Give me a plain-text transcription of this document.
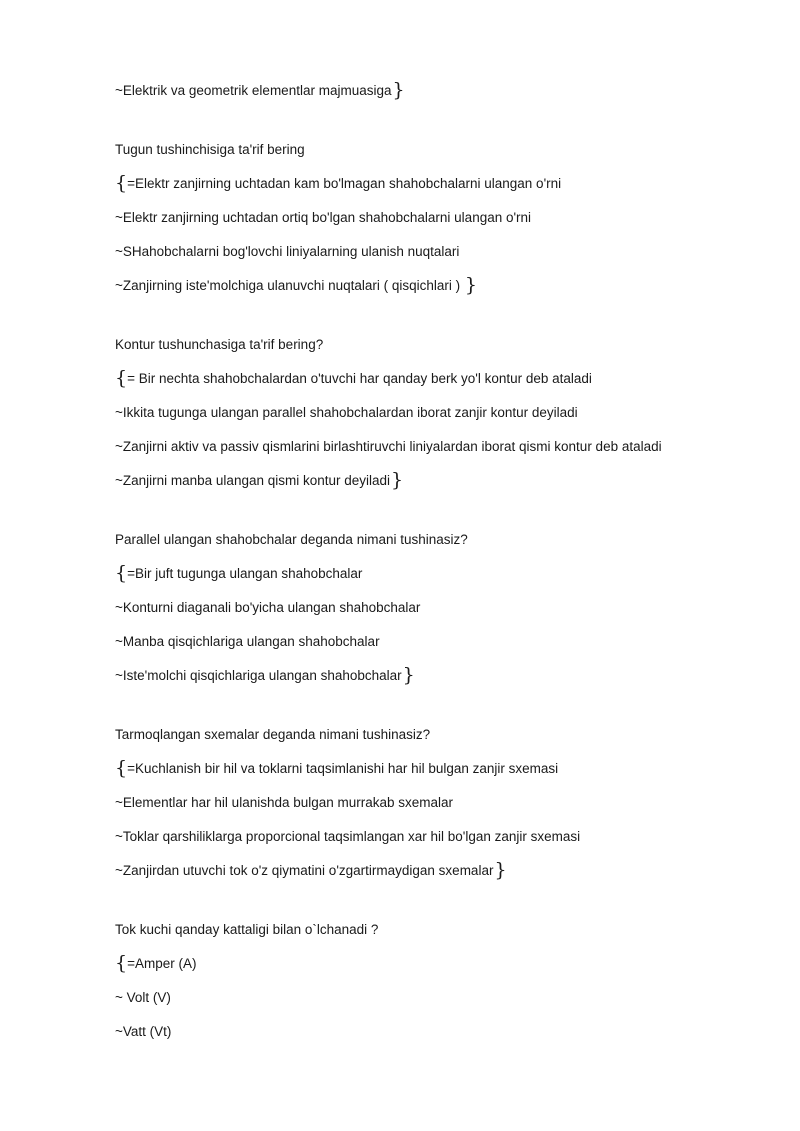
~Elektrik va geometrik elementlar majmuasiga}
Tugun tushinchisiga ta'rif bering
{=Elektr zanjirning uchtadan kam bo'lmagan shahobchalarni ulangan o'rni
~Elektr zanjirning uchtadan ortiq bo'lgan shahobchalarni ulangan o'rni
~SHahobchalarni bog'lovchi liniyalarning ulanish nuqtalari
~Zanjirning iste'molchiga ulanuvchi nuqtalari ( qisqichlari ) }
Kontur tushunchasiga ta'rif bering?
{= Bir nechta shahobchalardan o'tuvchi har qanday berk yo'l kontur deb ataladi
~Ikkita tugunga ulangan parallel shahobchalardan iborat zanjir kontur deyiladi
~Zanjirni aktiv va passiv qismlarini birlashtiruvchi liniyalardan iborat qismi kontur deb ataladi
~Zanjirni manba ulangan qismi kontur deyiladi}
Parallel ulangan shahobchalar deganda nimani tushinasiz?
{=Bir juft tugunga ulangan shahobchalar
~Konturni diaganali bo'yicha ulangan shahobchalar
~Manba qisqichlariga ulangan shahobchalar
~Iste'molchi qisqichlariga ulangan shahobchalar}
Tarmoqlangan sxemalar deganda nimani tushinasiz?
{=Kuchlanish bir hil va toklarni taqsimlanishi har hil bulgan zanjir sxemasi
~Elementlar har hil ulanishda bulgan murrakab sxemalar
~Toklar qarshiliklarga proporcional taqsimlangan xar hil bo'lgan zanjir sxemasi
~Zanjirdan utuvchi tok o'z qiymatini o'zgartirmaydigan sxemalar}
Tok kuchi qanday kattaligi bilan o`lchanadi ?
{=Amper (A)
~ Volt (V)
~Vatt (Vt)
